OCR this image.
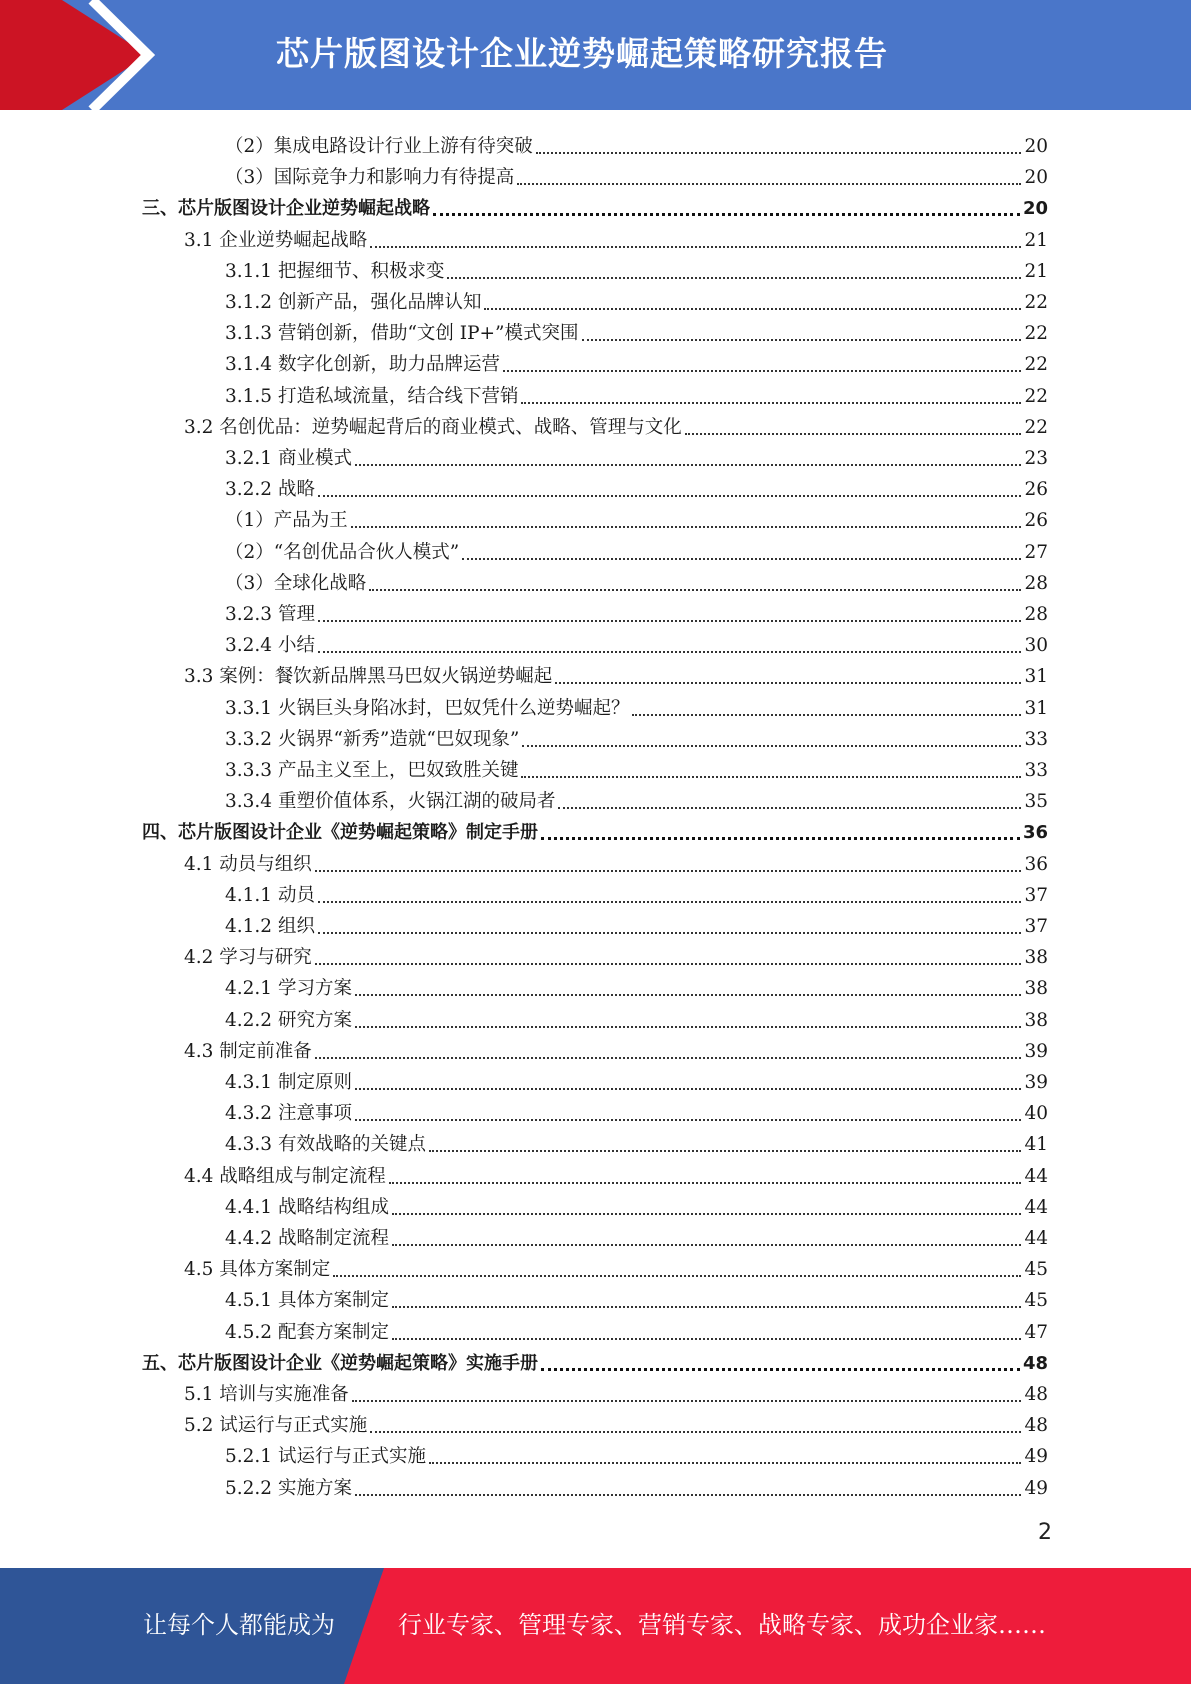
芯片版图设计企业逆势崛起策略研究报告
（2）集成电路设计行业上游有待突破	20
（3）国际竞争力和影响力有待提高	20
三、芯片版图设计企业逆势崛起战略	20
3.1 企业逆势崛起战略	21
3.1.1 把握细节、积极求变	21
3.1.2 创新产品，强化品牌认知	22
3.1.3 营销创新，借助“文创 IP+”模式突围	22
3.1.4 数字化创新，助力品牌运营	22
3.1.5 打造私域流量，结合线下营销	22
3.2 名创优品：逆势崛起背后的商业模式、战略、管理与文化	22
3.2.1 商业模式	23
3.2.2 战略	26
（1）产品为王	26
（2）“名创优品合伙人模式”	27
（3）全球化战略	28
3.2.3 管理	28
3.2.4 小结	30
3.3 案例：餐饮新品牌黑马巴奴火锅逆势崛起	31
3.3.1 火锅巨头身陷冰封，巴奴凭什么逆势崛起？	31
3.3.2 火锅界“新秀”造就“巴奴现象”	33
3.3.3 产品主义至上，巴奴致胜关键	33
3.3.4 重塑价值体系，火锅江湖的破局者	35
四、芯片版图设计企业《逆势崛起策略》制定手册	36
4.1 动员与组织	36
4.1.1 动员	37
4.1.2 组织	37
4.2 学习与研究	38
4.2.1 学习方案	38
4.2.2 研究方案	38
4.3 制定前准备	39
4.3.1 制定原则	39
4.3.2 注意事项	40
4.3.3 有效战略的关键点	41
4.4 战略组成与制定流程	44
4.4.1 战略结构组成	44
4.4.2 战略制定流程	44
4.5 具体方案制定	45
4.5.1 具体方案制定	45
4.5.2 配套方案制定	47
五、芯片版图设计企业《逆势崛起策略》实施手册	48
5.1 培训与实施准备	48
5.2 试运行与正式实施	48
5.2.1 试运行与正式实施	49
5.2.2 实施方案	49
2
让每个人都能成为	行业专家、管理专家、营销专家、战略专家、成功企业家……
